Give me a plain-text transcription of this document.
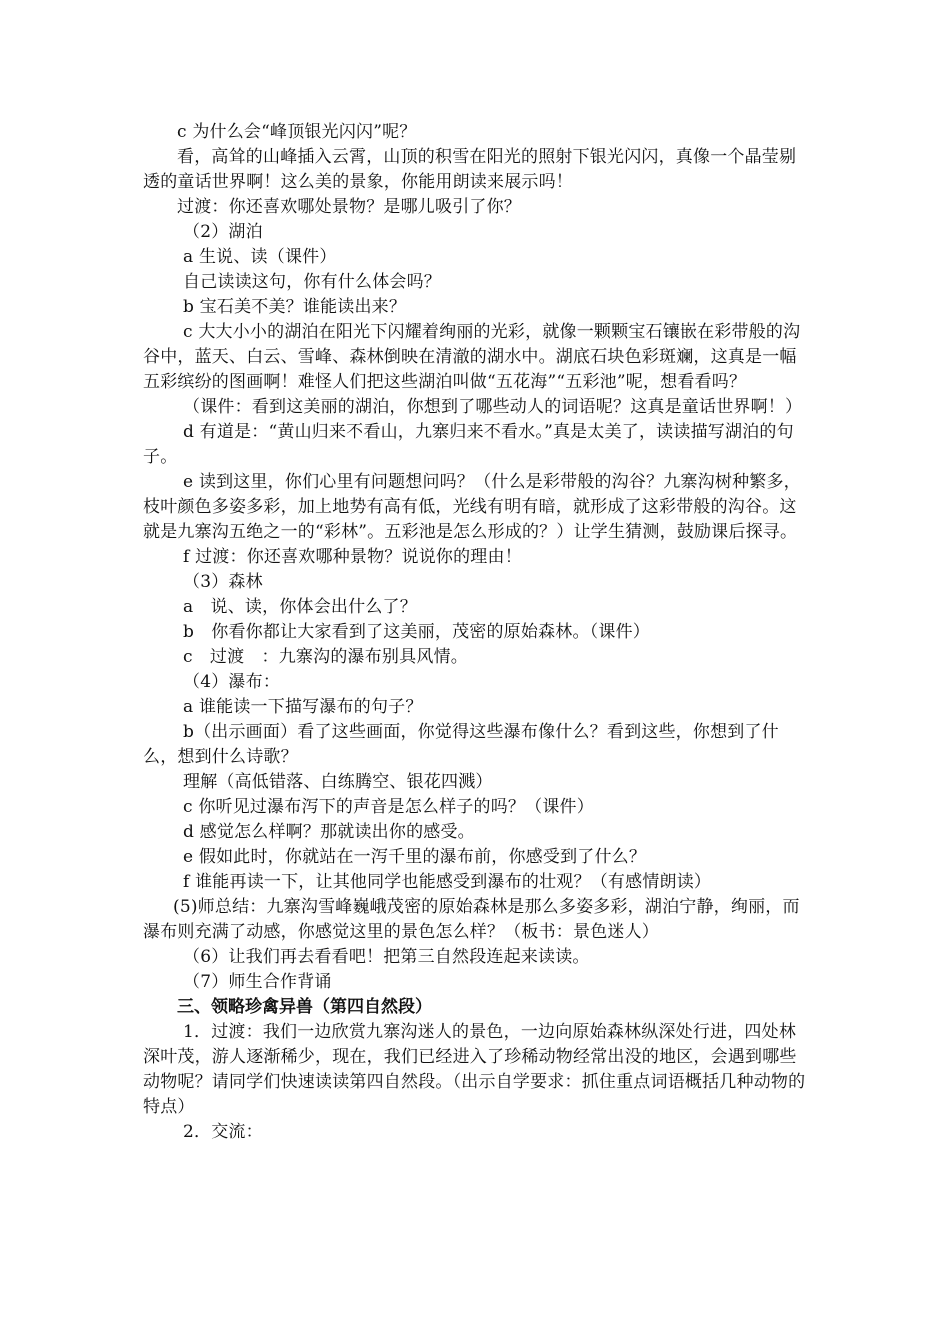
c 为什么会“峰顶银光闪闪”呢？

看，高耸的山峰插入云霄，山顶的积雪在阳光的照射下银光闪闪，真像一个晶莹剔透的童话世界啊！这么美的景象，你能用朗读来展示吗！

过渡：你还喜欢哪处景物？是哪儿吸引了你？

（2）湖泊

a 生说、读（课件）

自己读读这句，你有什么体会吗？

b 宝石美不美？谁能读出来？

c 大大小小的湖泊在阳光下闪耀着绚丽的光彩，就像一颗颗宝石镶嵌在彩带般的沟谷中，蓝天、白云、雪峰、森林倒映在清澈的湖水中。湖底石块色彩斑斓，这真是一幅五彩缤纷的图画啊！难怪人们把这些湖泊叫做“五花海”“五彩池”呢，想看看吗？

（课件：看到这美丽的湖泊，你想到了哪些动人的词语呢？这真是童话世界啊！）

d 有道是：“黄山归来不看山，九寨归来不看水。”真是太美了，读读描写湖泊的句子。

e 读到这里，你们心里有问题想问吗？（什么是彩带般的沟谷？九寨沟树种繁多，枝叶颜色多姿多彩，加上地势有高有低，光线有明有暗，就形成了这彩带般的沟谷。这就是九寨沟五绝之一的“彩林”。五彩池是怎么形成的？）让学生猜测，鼓励课后探寻。

f 过渡：你还喜欢哪种景物？说说你的理由！

（3）森林

a　说、读，你体会出什么了？

b　你看你都让大家看到了这美丽，茂密的原始森林。（课件）

c　过渡　：九寨沟的瀑布别具风情。

（4）瀑布：

a 谁能读一下描写瀑布的句子？

b（出示画面）看了这些画面，你觉得这些瀑布像什么？看到这些，你想到了什么，想到什么诗歌？

理解（高低错落、白练腾空、银花四溅）

c 你听见过瀑布泻下的声音是怎么样子的吗？（课件）

d 感觉怎么样啊？那就读出你的感受。

e 假如此时，你就站在一泻千里的瀑布前，你感受到了什么？

f 谁能再读一下，让其他同学也能感受到瀑布的壮观？（有感情朗读）

(5)师总结：九寨沟雪峰巍峨茂密的原始森林是那么多姿多彩，湖泊宁静，绚丽，而瀑布则充满了动感，你感觉这里的景色怎么样？（板书：景色迷人）

（6）让我们再去看看吧！把第三自然段连起来读读。

（7）师生合作背诵

三、领略珍禽异兽（第四自然段）

1．过渡：我们一边欣赏九寨沟迷人的景色，一边向原始森林纵深处行进，四处林深叶茂，游人逐渐稀少，现在，我们已经进入了珍稀动物经常出没的地区，会遇到哪些动物呢？请同学们快速读读第四自然段。（出示自学要求：抓住重点词语概括几种动物的特点）

2．交流：
